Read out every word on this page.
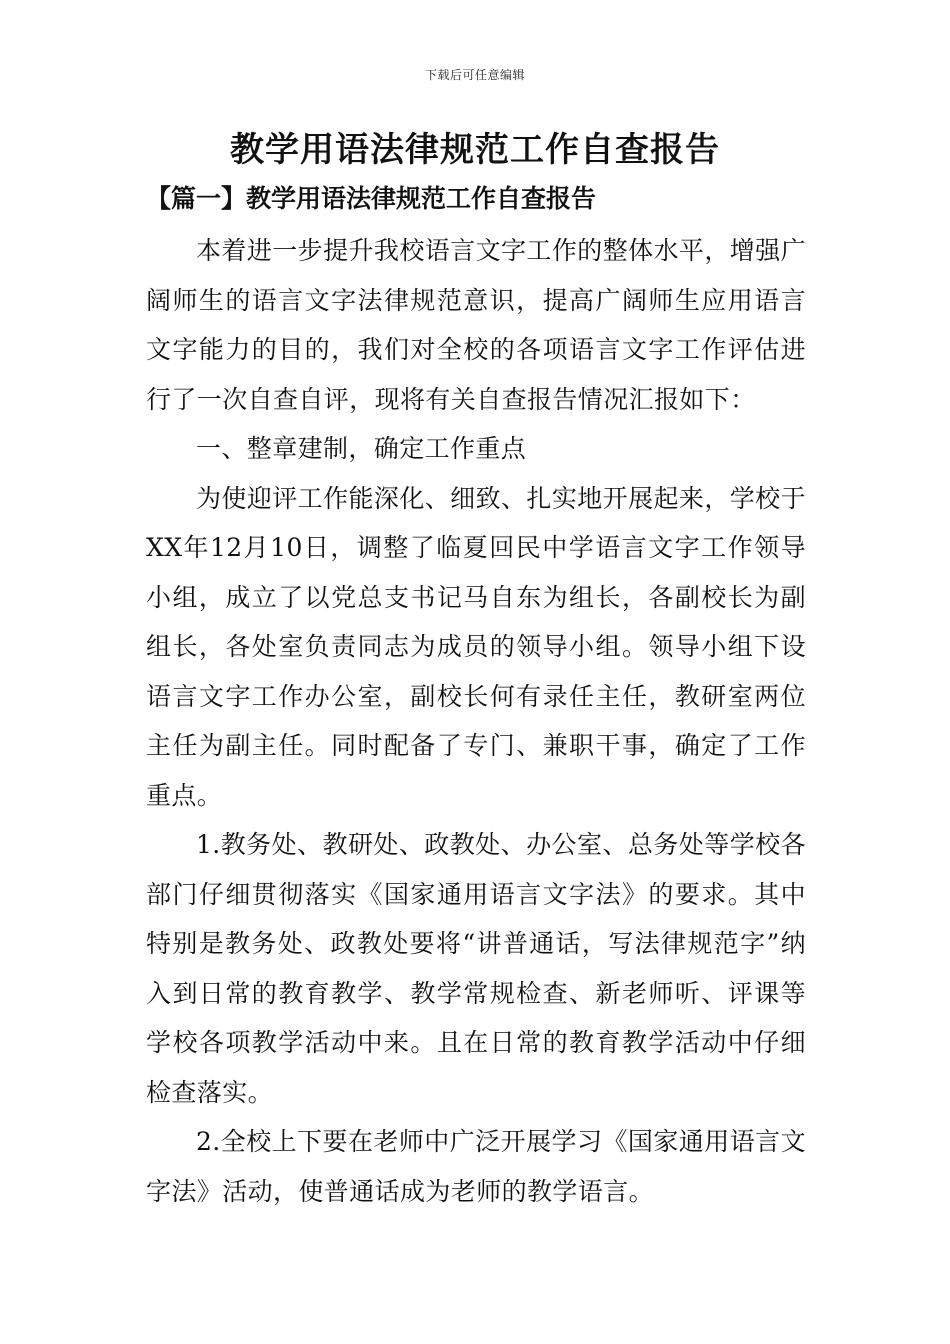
下载后可任意编辑
教学用语法律规范工作自查报告
【篇一】教学用语法律规范工作自查报告

本着进一步提升我校语言文字工作的整体水平，增强广阔师生的语言文字法律规范意识，提高广阔师生应用语言文字能力的目的，我们对全校的各项语言文字工作评估进行了一次自查自评，现将有关自查报告情况汇报如下：

一、整章建制，确定工作重点

为使迎评工作能深化、细致、扎实地开展起来，学校于XX年12月10日，调整了临夏回民中学语言文字工作领导小组，成立了以党总支书记马自东为组长，各副校长为副组长，各处室负责同志为成员的领导小组。领导小组下设语言文字工作办公室，副校长何有录任主任，教研室两位主任为副主任。同时配备了专门、兼职干事，确定了工作重点。

1.教务处、教研处、政教处、办公室、总务处等学校各部门仔细贯彻落实《国家通用语言文字法》的要求。其中特别是教务处、政教处要将“讲普通话，写法律规范字”纳入到日常的教育教学、教学常规检查、新老师听、评课等学校各项教学活动中来。且在日常的教育教学活动中仔细检查落实。

2.全校上下要在老师中广泛开展学习《国家通用语言文字法》活动，使普通话成为老师的教学语言。
